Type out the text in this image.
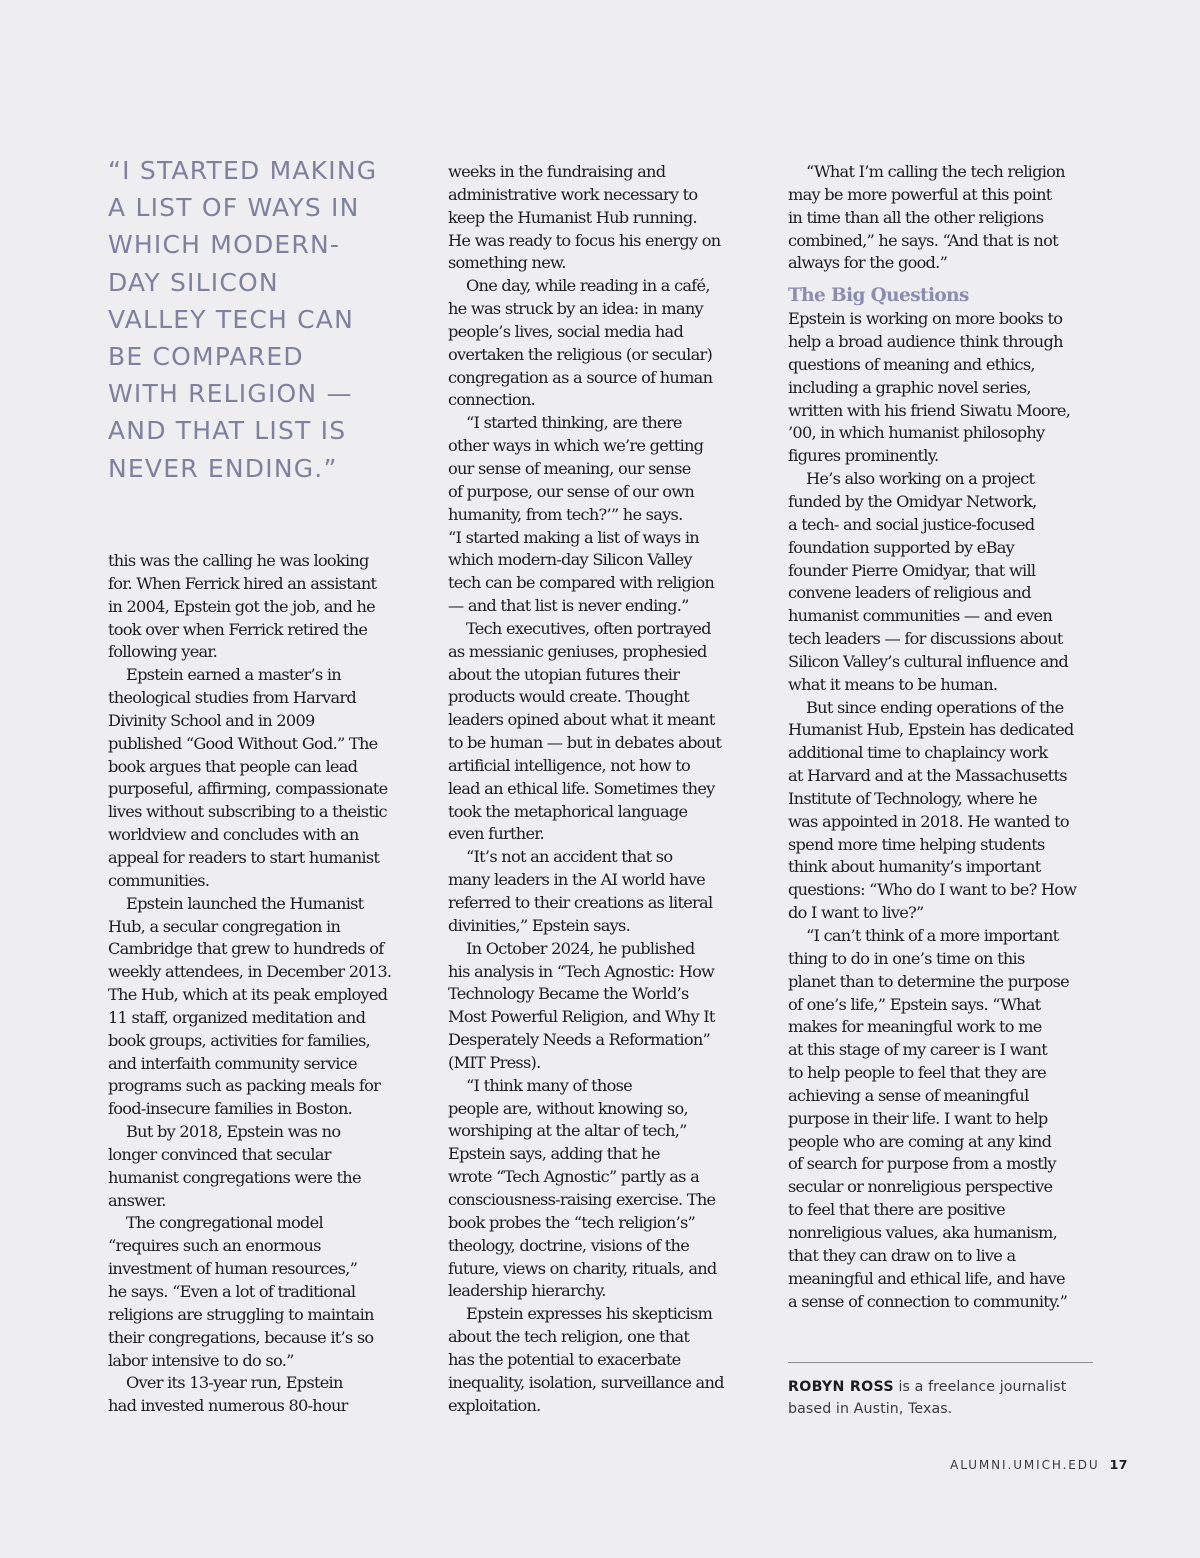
“I STARTED MAKING
A LIST OF WAYS IN
WHICH MODERN-
DAY SILICON
VALLEY TECH CAN
BE COMPARED
WITH RELIGION —
AND THAT LIST IS
NEVER ENDING.”
this was the calling he was looking
for. When Ferrick hired an assistant
in 2004, Epstein got the job, and he
took over when Ferrick retired the
following year.
Epstein earned a master’s in
theological studies from Harvard
Divinity School and in 2009
published “Good Without God.” The
book argues that people can lead
purposeful, affirming, compassionate
lives without subscribing to a theistic
worldview and concludes with an
appeal for readers to start humanist
communities.
Epstein launched the Humanist
Hub, a secular congregation in
Cambridge that grew to hundreds of
weekly attendees, in December 2013.
The Hub, which at its peak employed
11 staff, organized meditation and
book groups, activities for families,
and interfaith community service
programs such as packing meals for
food-insecure families in Boston.
But by 2018, Epstein was no
longer convinced that secular
humanist congregations were the
answer.
The congregational model
“requires such an enormous
investment of human resources,”
he says. “Even a lot of traditional
religions are struggling to maintain
their congregations, because it’s so
labor intensive to do so.”
Over its 13-year run, Epstein
had invested numerous 80-hour
weeks in the fundraising and
administrative work necessary to
keep the Humanist Hub running.
He was ready to focus his energy on
something new.
One day, while reading in a café,
he was struck by an idea: in many
people’s lives, social media had
overtaken the religious (or secular)
congregation as a source of human
connection.
“I started thinking, are there
other ways in which we’re getting
our sense of meaning, our sense
of purpose, our sense of our own
humanity, from tech?’” he says.
“I started making a list of ways in
which modern-day Silicon Valley
tech can be compared with religion
— and that list is never ending.”
Tech executives, often portrayed
as messianic geniuses, prophesied
about the utopian futures their
products would create. Thought
leaders opined about what it meant
to be human — but in debates about
artificial intelligence, not how to
lead an ethical life. Sometimes they
took the metaphorical language
even further.
“It’s not an accident that so
many leaders in the AI world have
referred to their creations as literal
divinities,” Epstein says.
In October 2024, he published
his analysis in “Tech Agnostic: How
Technology Became the World’s
Most Powerful Religion, and Why It
Desperately Needs a Reformation”
(MIT Press).
“I think many of those
people are, without knowing so,
worshiping at the altar of tech,”
Epstein says, adding that he
wrote “Tech Agnostic” partly as a
consciousness-raising exercise. The
book probes the “tech religion’s”
theology, doctrine, visions of the
future, views on charity, rituals, and
leadership hierarchy.
Epstein expresses his skepticism
about the tech religion, one that
has the potential to exacerbate
inequality, isolation, surveillance and
exploitation.
“What I’m calling the tech religion
may be more powerful at this point
in time than all the other religions
combined,” he says. “And that is not
always for the good.”
The Big Questions
Epstein is working on more books to
help a broad audience think through
questions of meaning and ethics,
including a graphic novel series,
written with his friend Siwatu Moore,
’00, in which humanist philosophy
figures prominently.
He’s also working on a project
funded by the Omidyar Network,
a tech- and social justice-focused
foundation supported by eBay
founder Pierre Omidyar, that will
convene leaders of religious and
humanist communities — and even
tech leaders — for discussions about
Silicon Valley’s cultural influence and
what it means to be human.
But since ending operations of the
Humanist Hub, Epstein has dedicated
additional time to chaplaincy work
at Harvard and at the Massachusetts
Institute of Technology, where he
was appointed in 2018. He wanted to
spend more time helping students
think about humanity’s important
questions: “Who do I want to be? How
do I want to live?”
“I can’t think of a more important
thing to do in one’s time on this
planet than to determine the purpose
of one’s life,” Epstein says. “What
makes for meaningful work to me
at this stage of my career is I want
to help people to feel that they are
achieving a sense of meaningful
purpose in their life. I want to help
people who are coming at any kind
of search for purpose from a mostly
secular or nonreligious perspective
to feel that there are positive
nonreligious values, aka humanism,
that they can draw on to live a
meaningful and ethical life, and have
a sense of connection to community.”
ROBYN ROSS is a freelance journalist
based in Austin, Texas.
ALUMNI.UMICH.EDU 17
